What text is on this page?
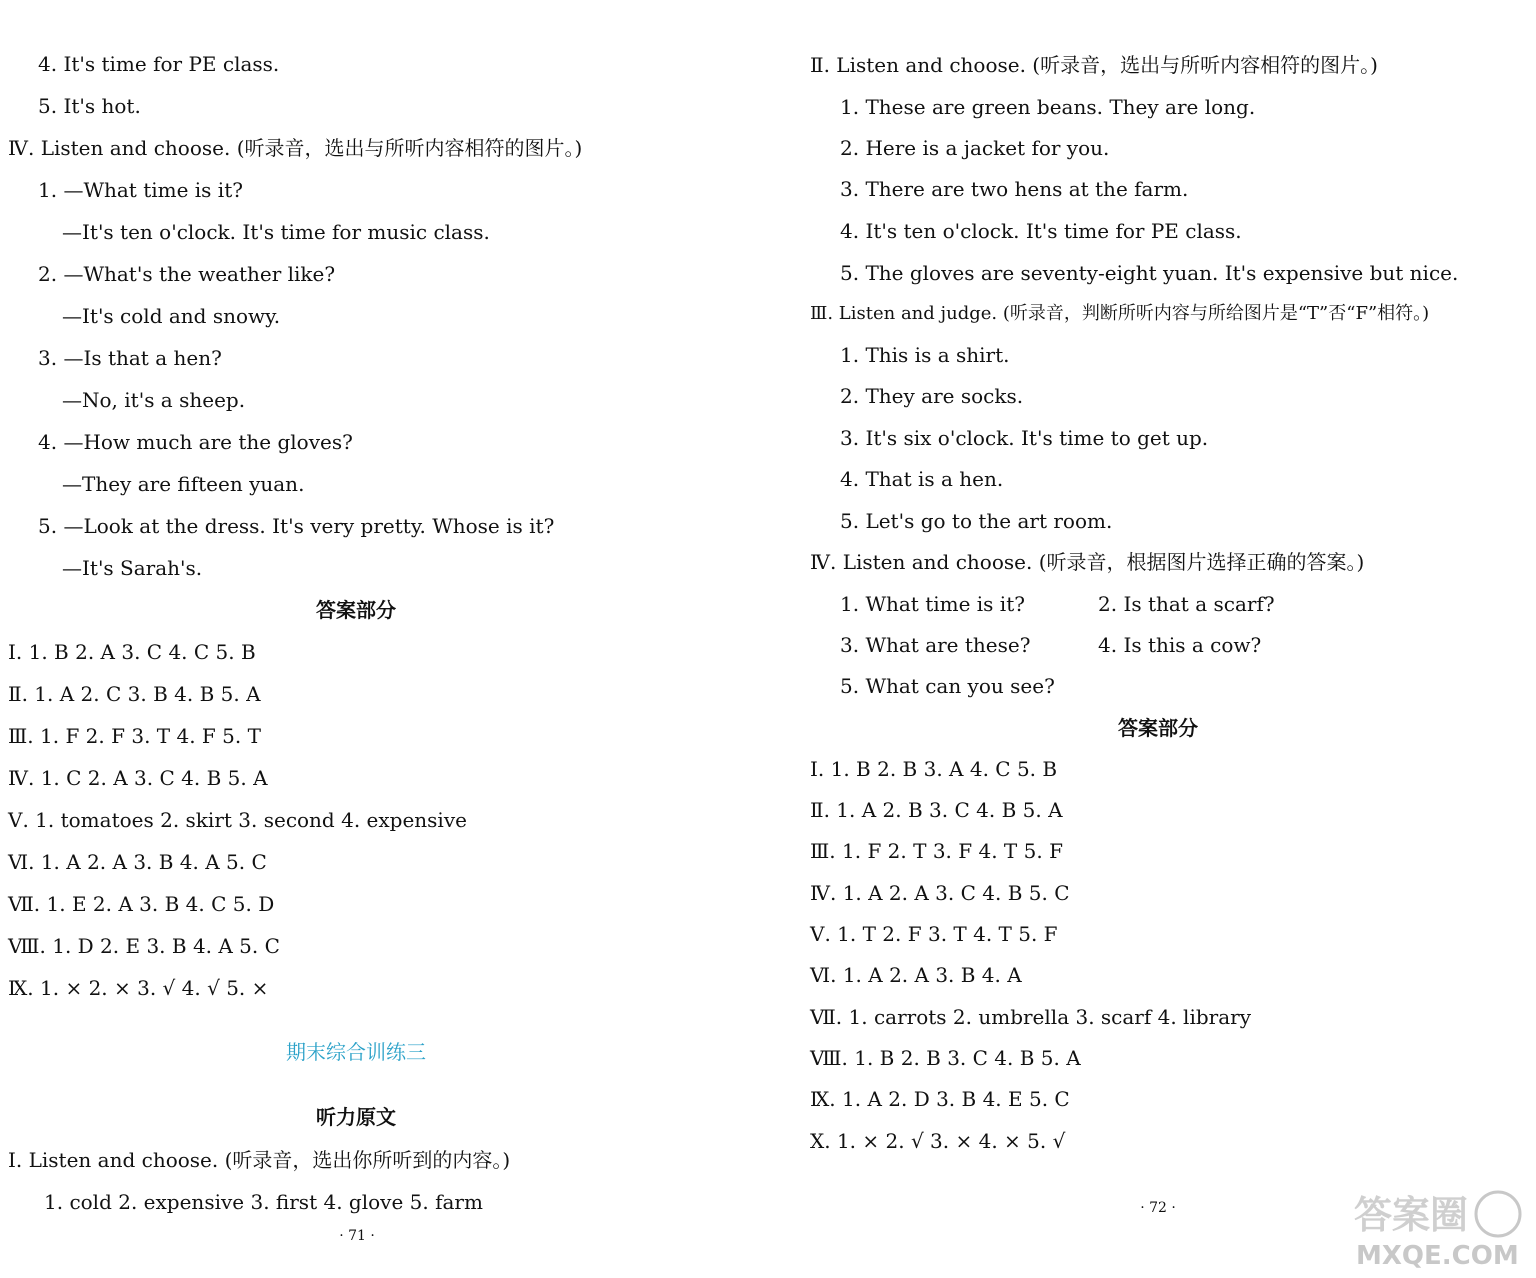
4. It's time for PE class.
5. It's hot.
Ⅳ. Listen and choose. (听录音，选出与所听内容相符的图片。)
1. —What time is it?
—It's ten o'clock. It's time for music class.
2. —What's the weather like?
—It's cold and snowy.
3. —Is that a hen?
—No, it's a sheep.
4. —How much are the gloves?
—They are fifteen yuan.
5. —Look at the dress. It's very pretty. Whose is it?
—It's Sarah's.
答案部分
Ⅰ. 1. B 2. A 3. C 4. C 5. B
Ⅱ. 1. A 2. C 3. B 4. B 5. A
Ⅲ. 1. F 2. F 3. T 4. F 5. T
Ⅳ. 1. C 2. A 3. C 4. B 5. A
Ⅴ. 1. tomatoes 2. skirt 3. second 4. expensive
Ⅵ. 1. A 2. A 3. B 4. A 5. C
Ⅶ. 1. E 2. A 3. B 4. C 5. D
Ⅷ. 1. D 2. E 3. B 4. A 5. C
Ⅸ. 1. × 2. × 3. √ 4. √ 5. ×
期末综合训练三
听力原文
Ⅰ. Listen and choose. (听录音，选出你所听到的内容。)
1. cold 2. expensive 3. first 4. glove 5. farm
· 71 ·
Ⅱ. Listen and choose. (听录音，选出与所听内容相符的图片。)
1. These are green beans. They are long.
2. Here is a jacket for you.
3. There are two hens at the farm.
4. It's ten o'clock. It's time for PE class.
5. The gloves are seventy-eight yuan. It's expensive but nice.
Ⅲ. Listen and judge. (听录音，判断所听内容与所给图片是“T”否“F”相符。)
1. This is a shirt.
2. They are socks.
3. It's six o'clock. It's time to get up.
4. That is a hen.
5. Let's go to the art room.
Ⅳ. Listen and choose. (听录音，根据图片选择正确的答案。)
1. What time is it?	2. Is that a scarf?
3. What are these?	4. Is this a cow?
5. What can you see?
答案部分
Ⅰ. 1. B 2. B 3. A 4. C 5. B
Ⅱ. 1. A 2. B 3. C 4. B 5. A
Ⅲ. 1. F 2. T 3. F 4. T 5. F
Ⅳ. 1. A 2. A 3. C 4. B 5. C
Ⅴ. 1. T 2. F 3. T 4. T 5. F
Ⅵ. 1. A 2. A 3. B 4. A
Ⅶ. 1. carrots 2. umbrella 3. scarf 4. library
Ⅷ. 1. B 2. B 3. C 4. B 5. A
Ⅸ. 1. A 2. D 3. B 4. E 5. C
Ⅹ. 1. × 2. √ 3. × 4. × 5. √
· 72 ·	答案圈
MXQE.COM
